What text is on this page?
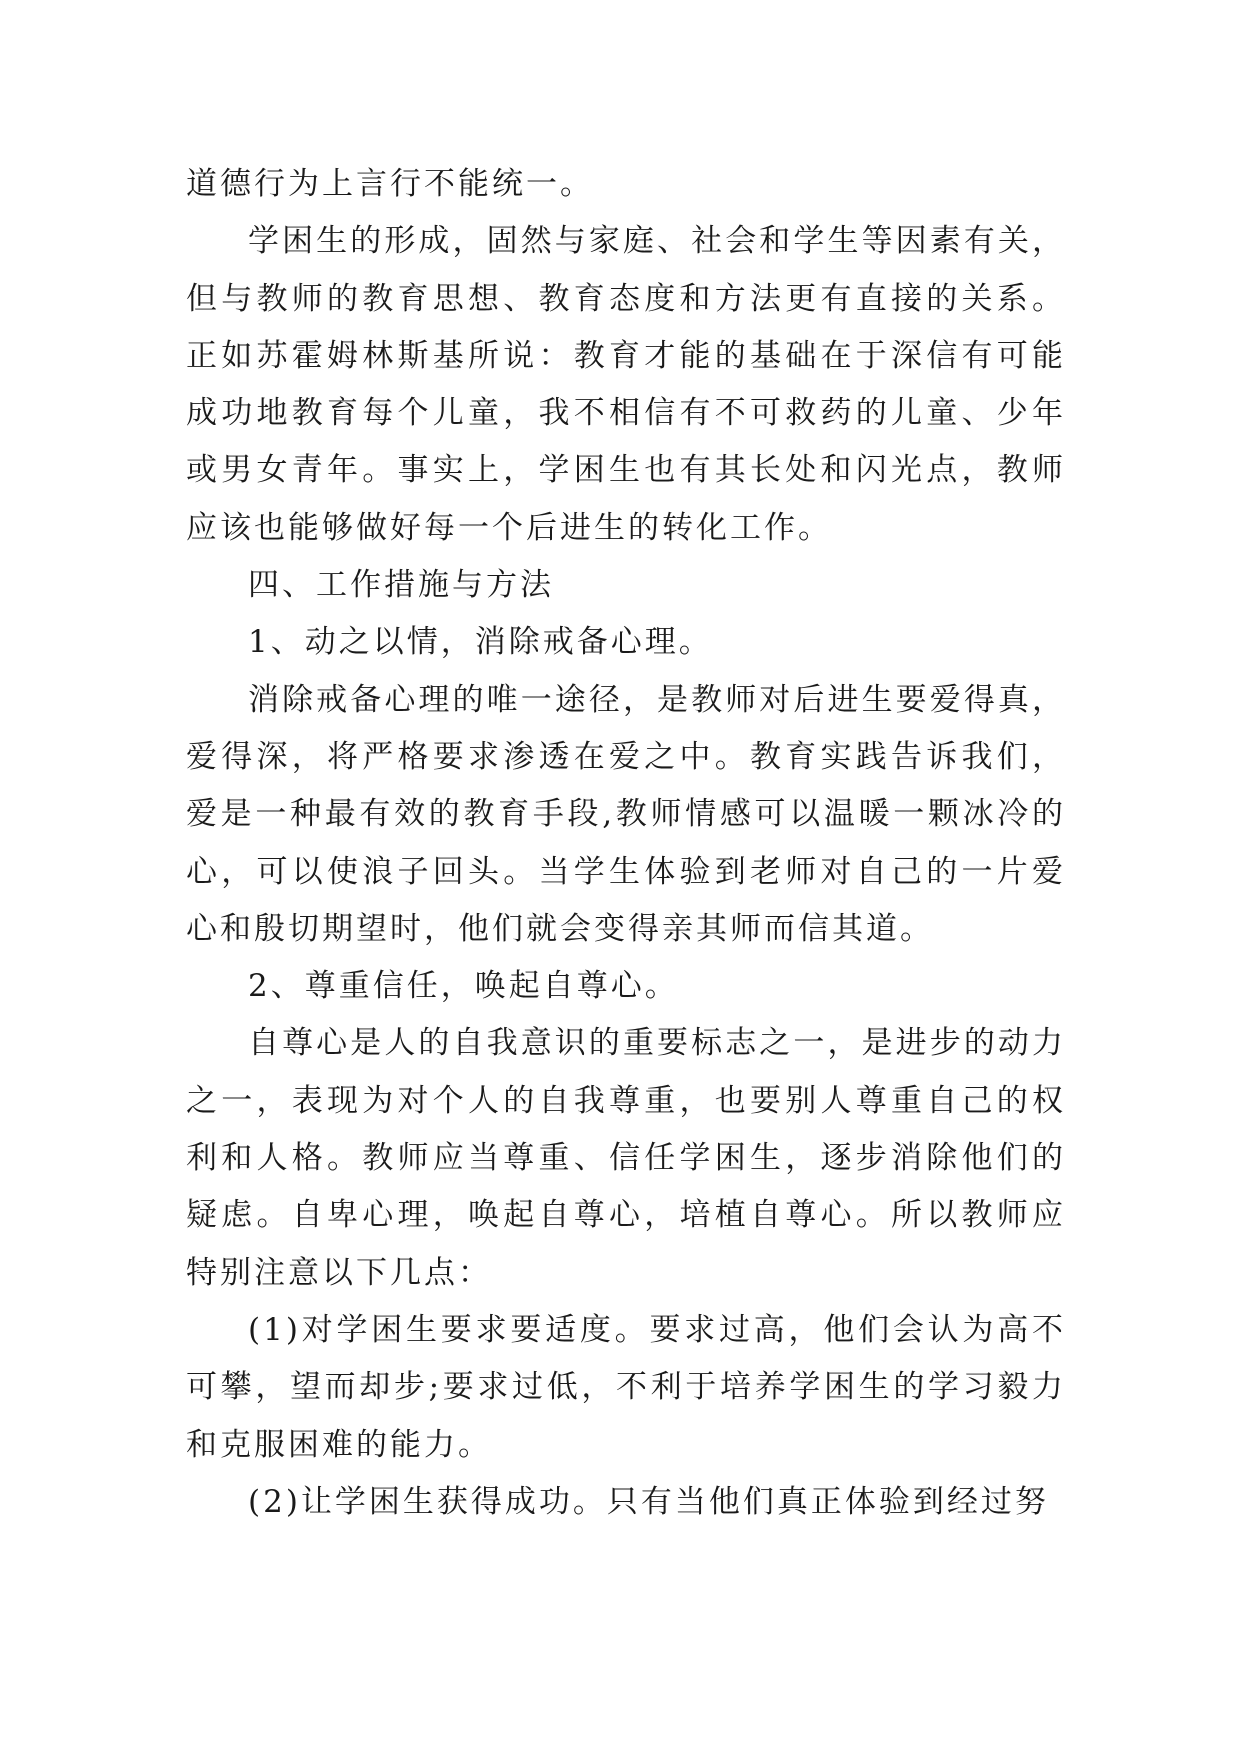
道德行为上言行不能统一。

学困生的形成，固然与家庭、社会和学生等因素有关，但与教师的教育思想、教育态度和方法更有直接的关系。正如苏霍姆林斯基所说：教育才能的基础在于深信有可能成功地教育每个儿童，我不相信有不可救药的儿童、少年或男女青年。事实上，学困生也有其长处和闪光点，教师应该也能够做好每一个后进生的转化工作。

四、工作措施与方法

1、动之以情，消除戒备心理。

消除戒备心理的唯一途径，是教师对后进生要爱得真，爱得深，将严格要求渗透在爱之中。教育实践告诉我们，爱是一种最有效的教育手段,教师情感可以温暖一颗冰冷的心，可以使浪子回头。当学生体验到老师对自己的一片爱心和殷切期望时，他们就会变得亲其师而信其道。

2、尊重信任，唤起自尊心。

自尊心是人的自我意识的重要标志之一，是进步的动力之一，表现为对个人的自我尊重，也要别人尊重自己的权利和人格。教师应当尊重、信任学困生，逐步消除他们的疑虑。自卑心理，唤起自尊心，培植自尊心。所以教师应特别注意以下几点：

(1)对学困生要求要适度。要求过高，他们会认为高不可攀，望而却步;要求过低，不利于培养学困生的学习毅力和克服困难的能力。

(2)让学困生获得成功。只有当他们真正体验到经过努
